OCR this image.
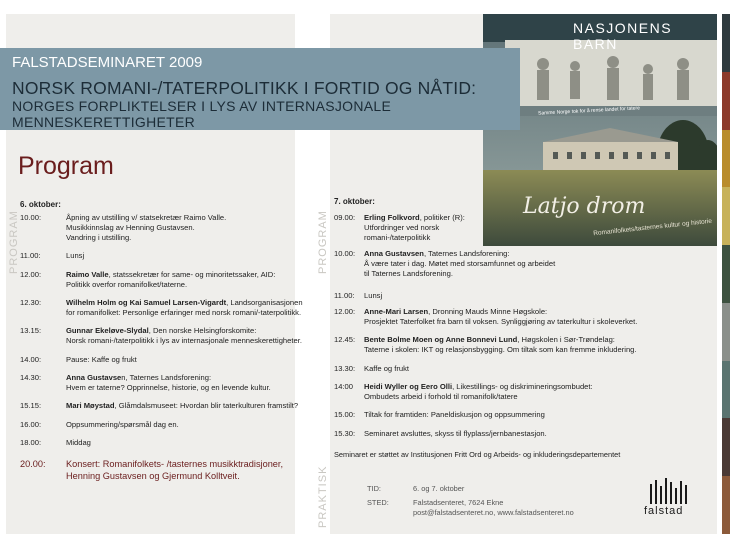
PROGRAM	PROGRAM
PRAKTISK
NASJONENS BARN
Samme Norge tok for å rense landet for tatere
Latjo drom
Romanifolkets/tasternes kultur og historie
FALSTADSEMINARET 2009
NORSK ROMANI-/TATERPOLITIKK I FORTID OG NÅTID:
NORGES FORPLIKTELSER I LYS AV INTERNASJONALE MENNESKERETTIGHETER
Program
6. oktober:
10.00:	Åpning av utstilling v/ statsekretær Raimo Valle.
Musikkinnslag av Henning Gustavsen.
Vandring i utstilling.
11.00:	Lunsj
12.00:	Raimo Valle, statssekretær for same- og minoritetssaker, AID:
Politikk overfor romanifolket/taterne.
12.30:	Wilhelm Holm og Kai Samuel Larsen-Vigardt, Landsorganisasjonen
for romanifolket: Personlige erfaringer med norsk romani/-taterpolitikk.
13.15:	Gunnar Ekeløve-Slydal, Den norske Helsingforskomite:
Norsk romani-/taterpolitikk i lys av internasjonale menneskerettigheter.
14.00:	Pause: Kaffe og frukt
14.30:	Anna Gustavsen, Taternes Landsforening:
Hvem er taterne? Opprinnelse, historie, og en levende kultur.
15.15:	Mari Møystad, Glåmdalsmuseet: Hvordan blir taterkulturen framstilt?
16.00:	Oppsummering/spørsmål dag en.
18.00:	Middag
20.00: Konsert: Romanifolkets- /tasternes musikktradisjoner,
Henning Gustavsen og Gjermund Kolltveit.
7. oktober:
09.00: Erling Folkvord, politiker (R):
Utfordringer ved norsk
romani-/taterpolitikk
10.00: Anna Gustavsen, Taternes Landsforening:
Å være tater i dag. Møtet med storsamfunnet og arbeidet
til Taternes Landsforening.
11.00: Lunsj
12.00: Anne-Mari Larsen, Dronning Mauds Minne Høgskole:
Prosjektet Taterfolket fra barn til voksen. Synliggjøring av taterkultur i skoleverket.
12.45: Bente Bolme Moen og Anne Bonnevi Lund, Høgskolen i Sør-Trøndelag:
Taterne i skolen: IKT og relasjonsbygging. Om tiltak som kan fremme inkludering.
13.30: Kaffe og frukt
14:00 Heidi Wyller og Eero Olli, Likestillings- og diskrimineringsombudet:
Ombudets arbeid i forhold til romanifolk/tatere
15.00: Tiltak for framtiden: Paneldiskusjon og oppsummering
15.30: Seminaret avsluttes, skyss til flyplass/jernbanestasjon.
Seminaret er støttet av Institusjonen Fritt Ord og Arbeids- og inkluderingsdepartementet
TID:	6. og 7. oktober
STED:	Falstadsenteret, 7624 Ekne
post@falstadsenteret.no, www.falstadsenteret.no	falstad
